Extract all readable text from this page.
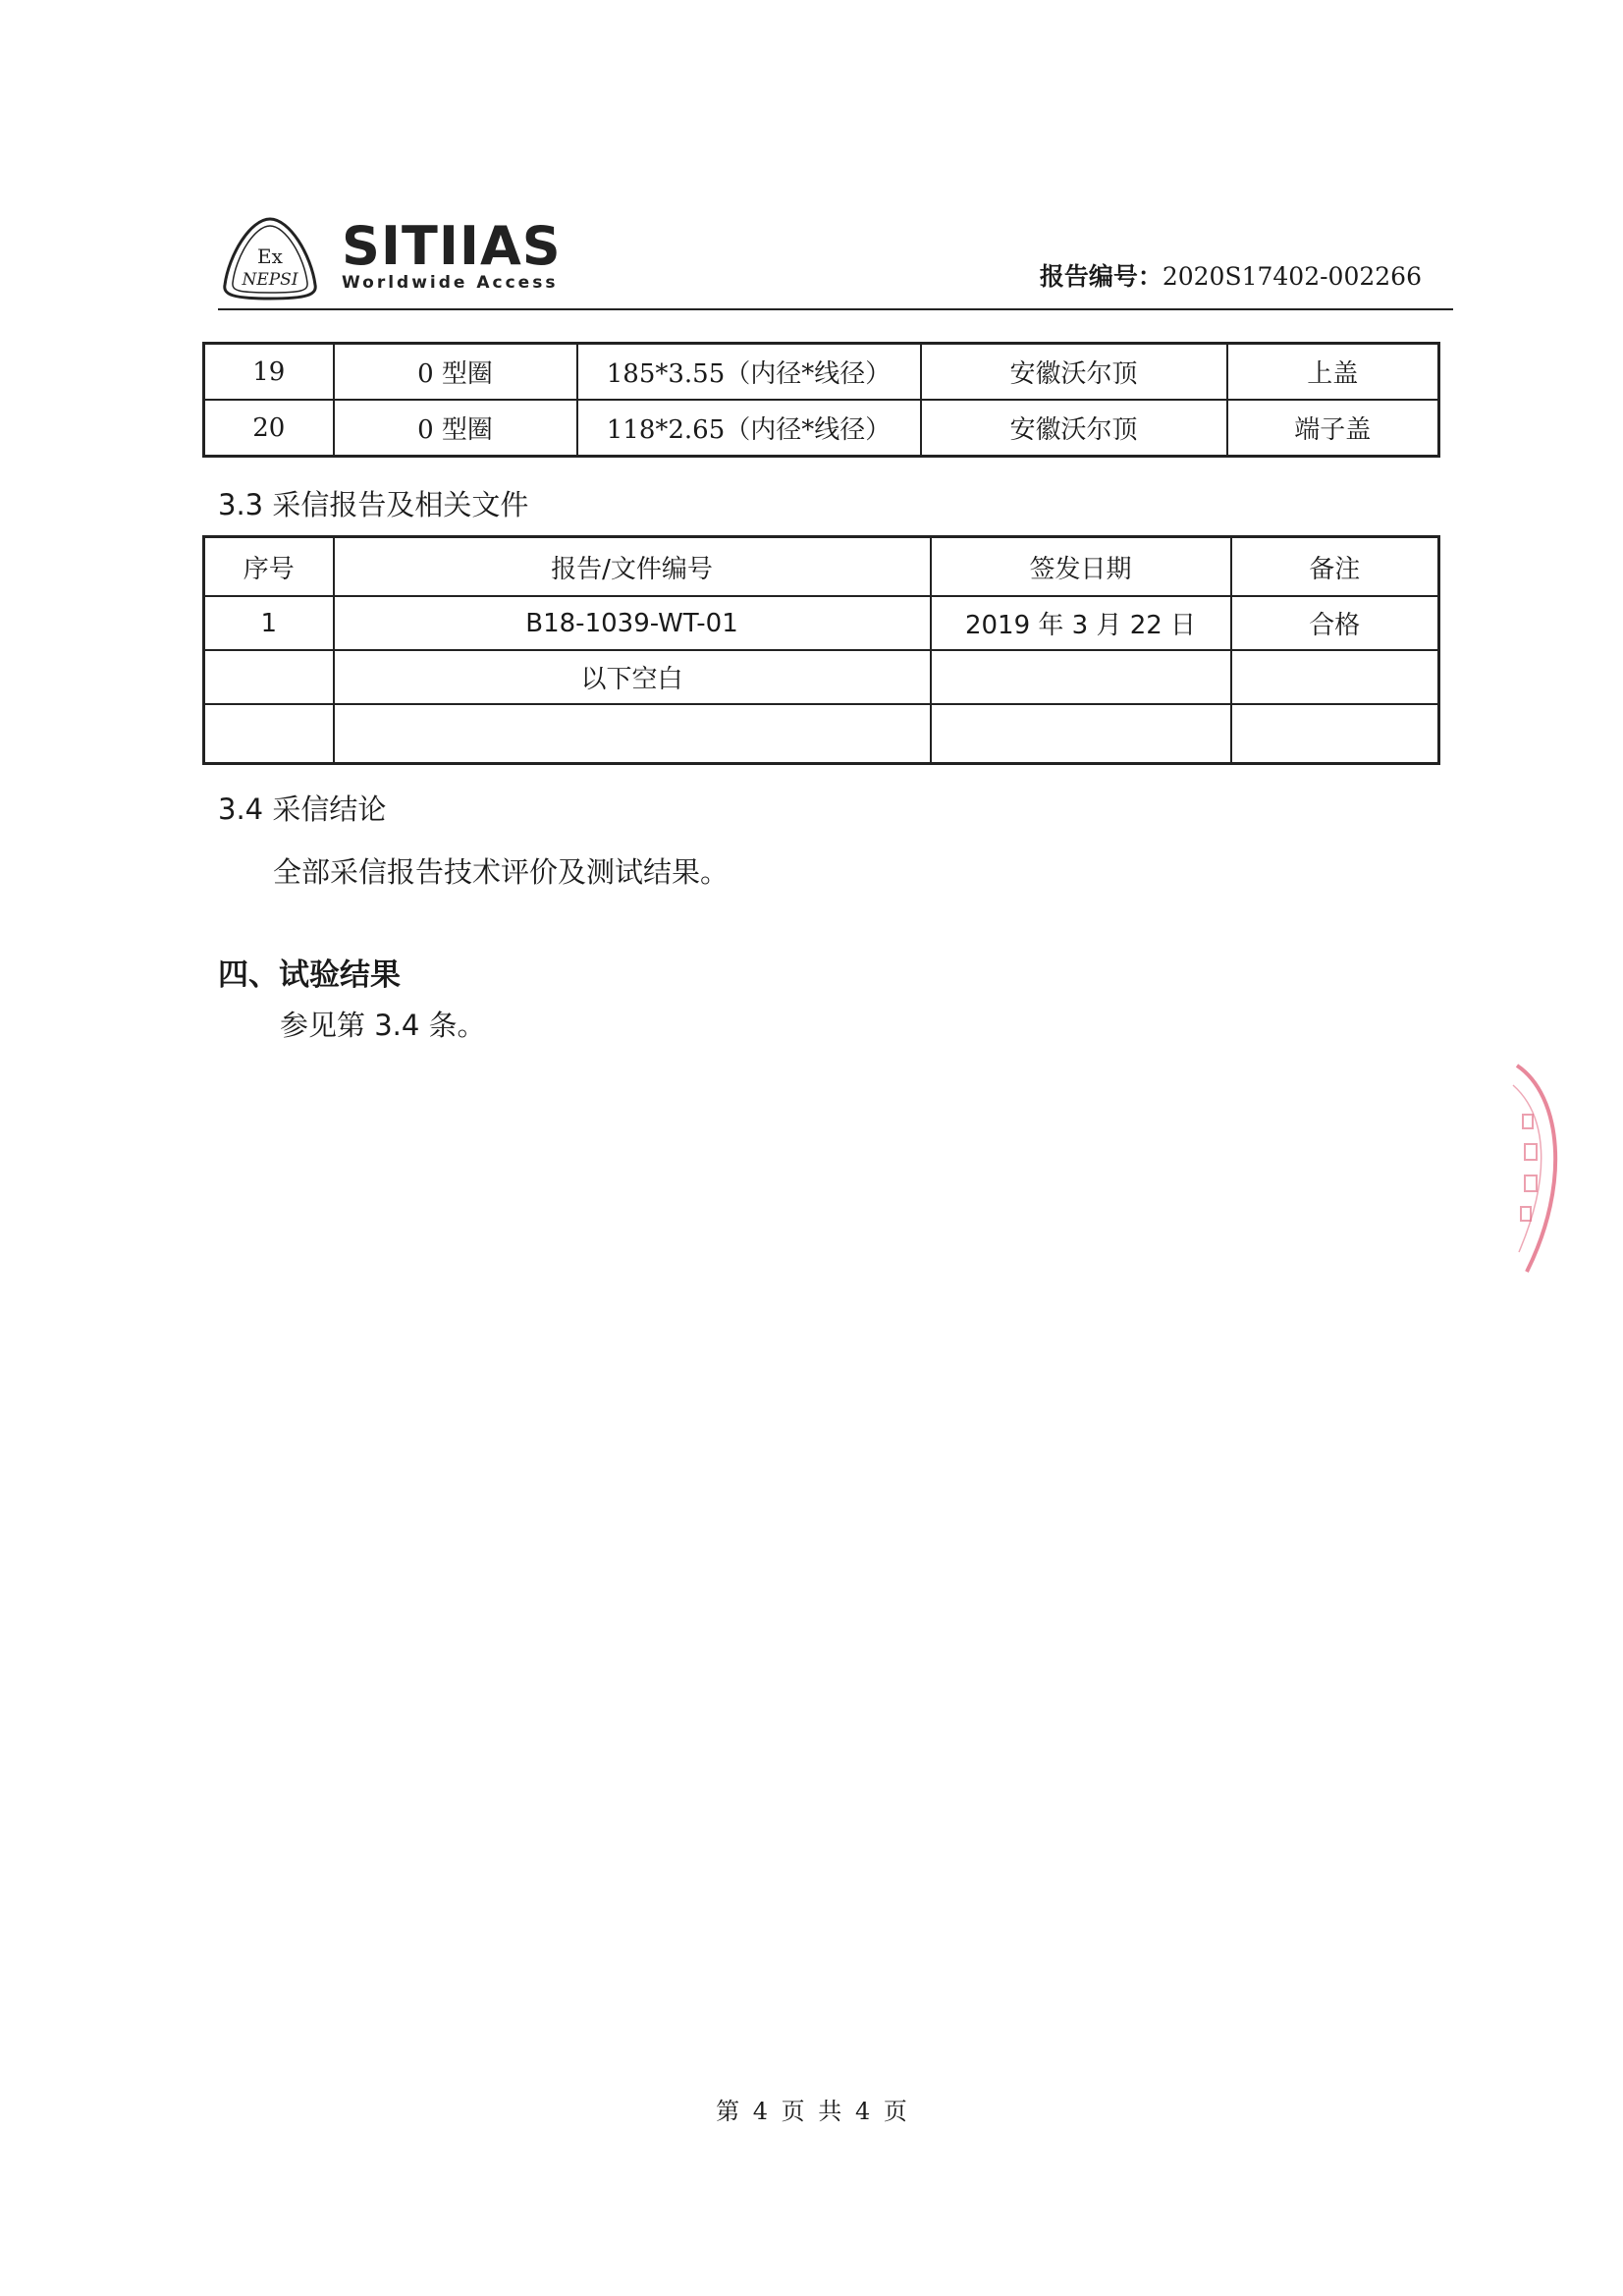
Ex
NEPSI
SITIIAS
Worldwide Access	报告编号：2020S17402-002266
19	0 型圈	185*3.55（内径*线径）	安徽沃尔顶	上盖
20	0 型圈	118*2.65（内径*线径）	安徽沃尔顶	端子盖
3.3 采信报告及相关文件
序号	报告/文件编号	签发日期	备注
1	B18-1039-WT-01	2019 年 3 月 22 日	合格
	以下空白		

3.4 采信结论
全部采信报告技术评价及测试结果。
四、试验结果
参见第 3.4 条。
第 4 页 共 4 页
